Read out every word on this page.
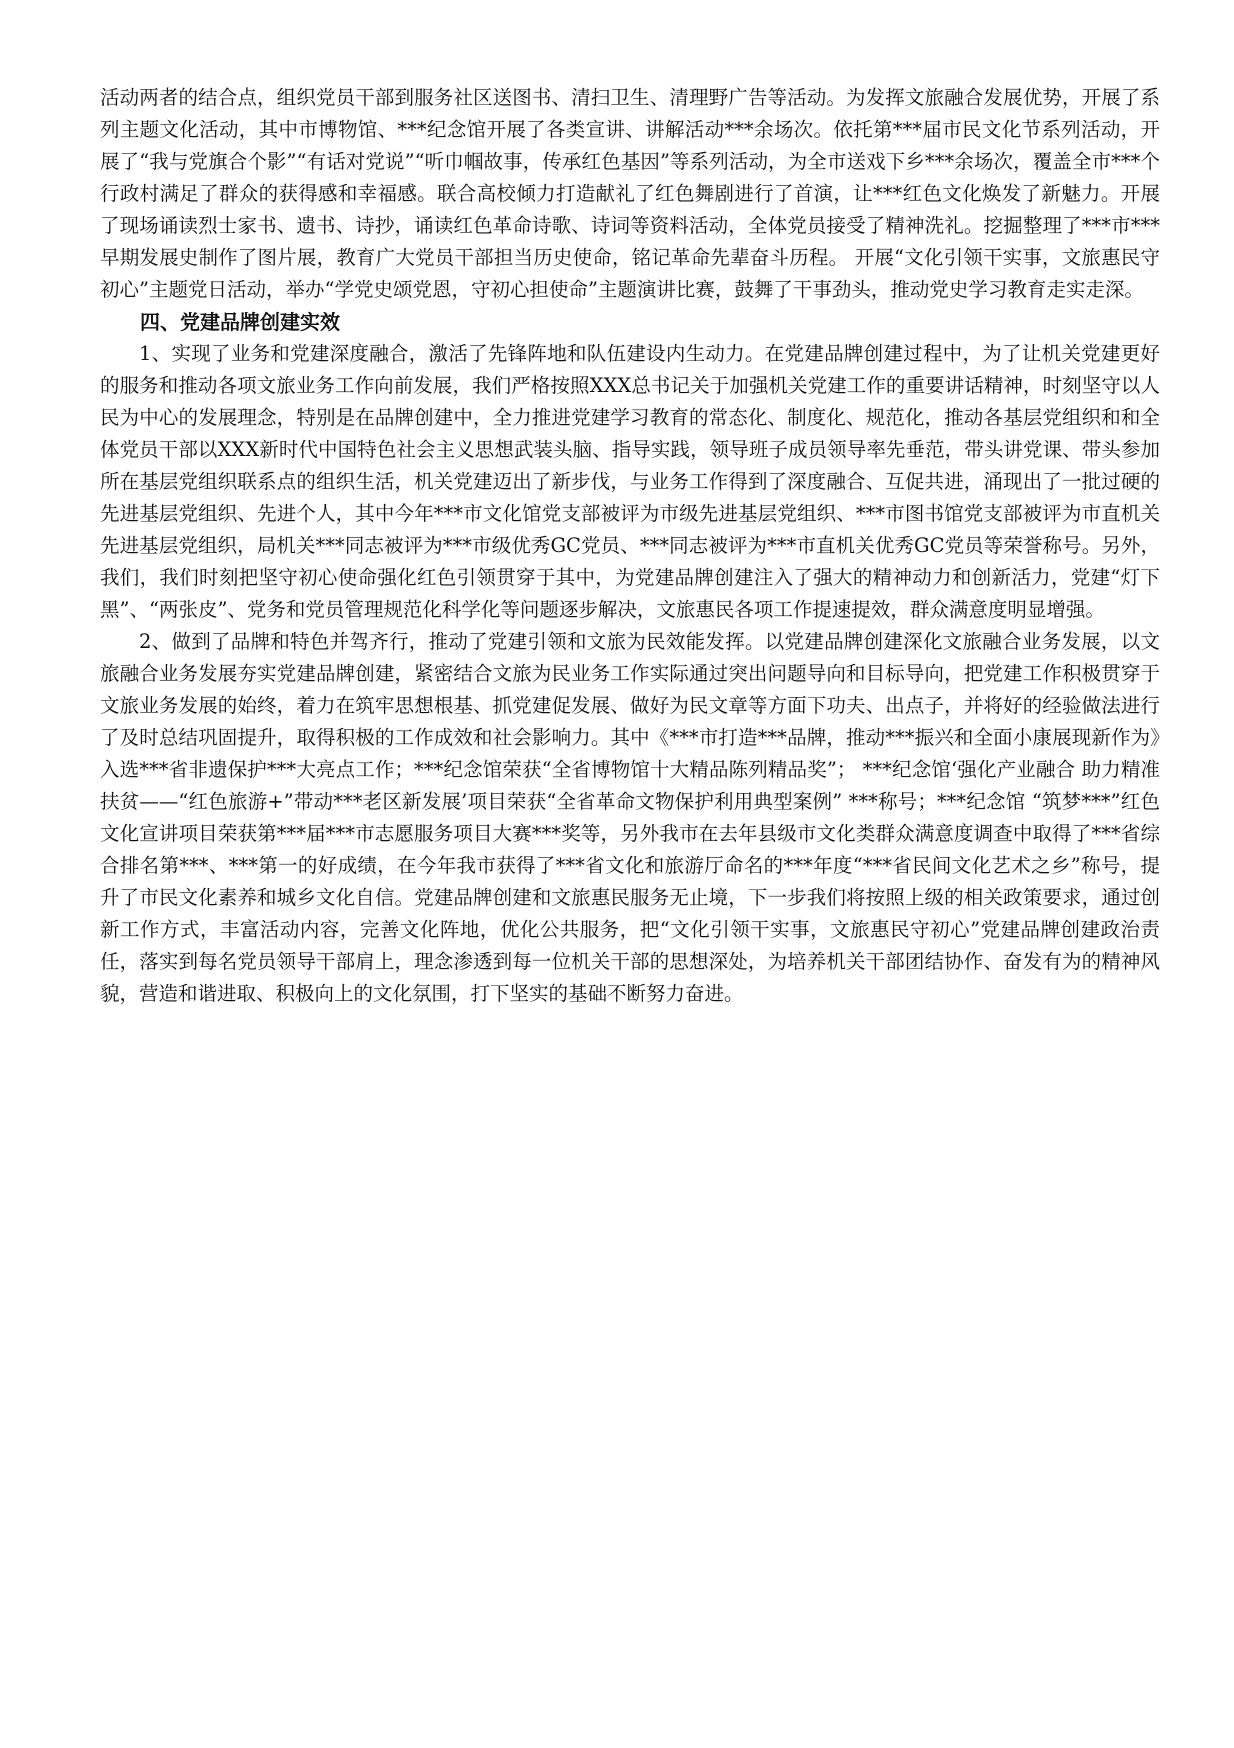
活动两者的结合点，组织党员干部到服务社区送图书、清扫卫生、清理野广告等活动。为发挥文旅融合发展优势，开展了系列主题文化活动，其中市博物馆、***纪念馆开展了各类宣讲、讲解活动***余场次。依托第***届市民文化节系列活动，开展了“我与党旗合个影”“有话对党说”“听巾帼故事，传承红色基因”等系列活动，为全市送戏下乡***余场次，覆盖全市***个行政村满足了群众的获得感和幸福感。联合高校倾力打造献礼了红色舞剧进行了首演，让***红色文化焕发了新魅力。开展了现场诵读烈士家书、遗书、诗抄，诵读红色革命诗歌、诗词等资料活动，全体党员接受了精神洗礼。挖掘整理了***市***早期发展史制作了图片展，教育广大党员干部担当历史使命，铭记革命先辈奋斗历程。 开展“文化引领干实事，文旅惠民守初心”主题党日活动，举办“学党史颂党恩，守初心担使命”主题演讲比赛，鼓舞了干事劲头，推动党史学习教育走实走深。

四、党建品牌创建实效

1、实现了业务和党建深度融合，激活了先锋阵地和队伍建设内生动力。在党建品牌创建过程中，为了让机关党建更好的服务和推动各项文旅业务工作向前发展，我们严格按照XXX总书记关于加强机关党建工作的重要讲话精神，时刻坚守以人民为中心的发展理念，特别是在品牌创建中，全力推进党建学习教育的常态化、制度化、规范化，推动各基层党组织和和全体党员干部以XXX新时代中国特色社会主义思想武装头脑、指导实践，领导班子成员领导率先垂范，带头讲党课、带头参加所在基层党组织联系点的组织生活，机关党建迈出了新步伐，与业务工作得到了深度融合、互促共进，涌现出了一批过硬的先进基层党组织、先进个人，其中今年***市文化馆党支部被评为市级先进基层党组织、***市图书馆党支部被评为市直机关先进基层党组织，局机关***同志被评为***市级优秀GC党员、***同志被评为***市直机关优秀GC党员等荣誉称号。另外，我们，我们时刻把坚守初心使命强化红色引领贯穿于其中，为党建品牌创建注入了强大的精神动力和创新活力，党建“灯下黑”、“两张皮”、党务和党员管理规范化科学化等问题逐步解决，文旅惠民各项工作提速提效，群众满意度明显增强。

2、做到了品牌和特色并驾齐行，推动了党建引领和文旅为民效能发挥。以党建品牌创建深化文旅融合业务发展，以文旅融合业务发展夯实党建品牌创建，紧密结合文旅为民业务工作实际通过突出问题导向和目标导向，把党建工作积极贯穿于文旅业务发展的始终，着力在筑牢思想根基、抓党建促发展、做好为民文章等方面下功夫、出点子，并将好的经验做法进行了及时总结巩固提升，取得积极的工作成效和社会影响力。其中《***市打造***品牌，推动***振兴和全面小康展现新作为》入选***省非遗保护***大亮点工作；***纪念馆荣获“全省博物馆十大精品陈列精品奖”； ***纪念馆‘强化产业融合 助力精准扶贫——“红色旅游+”带动***老区新发展’项目荣获“全省革命文物保护利用典型案例” ***称号；***纪念馆 “筑梦***”红色文化宣讲项目荣获第***届***市志愿服务项目大赛***奖等，另外我市在去年县级市文化类群众满意度调查中取得了***省综合排名第***、***第一的好成绩，在今年我市获得了***省文化和旅游厅命名的***年度“***省民间文化艺术之乡”称号，提升了市民文化素养和城乡文化自信。党建品牌创建和文旅惠民服务无止境，下一步我们将按照上级的相关政策要求，通过创新工作方式，丰富活动内容，完善文化阵地，优化公共服务，把“文化引领干实事，文旅惠民守初心”党建品牌创建政治责任，落实到每名党员领导干部肩上，理念渗透到每一位机关干部的思想深处，为培养机关干部团结协作、奋发有为的精神风貌，营造和谐进取、积极向上的文化氛围，打下坚实的基础不断努力奋进。
